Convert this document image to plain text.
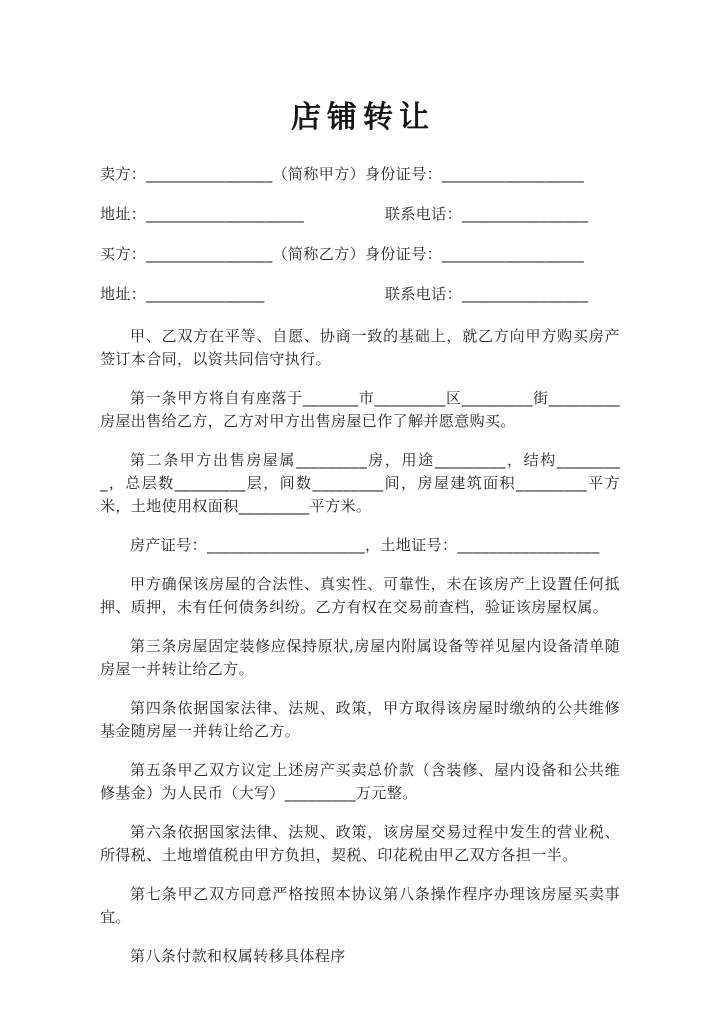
店铺转让
卖方：________________（简称甲方）身份证号：__________________
地址：____________________	联系电话：________________
买方：________________（简称乙方）身份证号：__________________
地址：_______________	联系电话：________________

甲、乙双方在平等、自愿、协商一致的基础上，就乙方向甲方购买房产签订本合同，以资共同信守执行。

第一条甲方将自有座落于_______市_________区_________街_________房屋出售给乙方，乙方对甲方出售房屋已作了解并愿意购买。

第二条甲方出售房屋属_________房，用途_________，结构_________，总层数_________层，间数_________间，房屋建筑面积_________平方米，土地使用权面积_________平方米。

房产证号：____________________，土地证号：__________________

甲方确保该房屋的合法性、真实性、可靠性，未在该房产上设置任何抵押、质押，未有任何债务纠纷。乙方有权在交易前查档，验证该房屋权属。

第三条房屋固定装修应保持原状,房屋内附属设备等祥见屋内设备清单随房屋一并转让给乙方。

第四条依据国家法律、法规、政策，甲方取得该房屋时缴纳的公共维修基金随房屋一并转让给乙方。

第五条甲乙双方议定上述房产买卖总价款（含装修、屋内设备和公共维修基金）为人民币（大写）_________万元整。

第六条依据国家法律、法规、政策，该房屋交易过程中发生的营业税、所得税、土地增值税由甲方负担，契税、印花税由甲乙双方各担一半。

第七条甲乙双方同意严格按照本协议第八条操作程序办理该房屋买卖事宜。

第八条付款和权属转移具体程序
